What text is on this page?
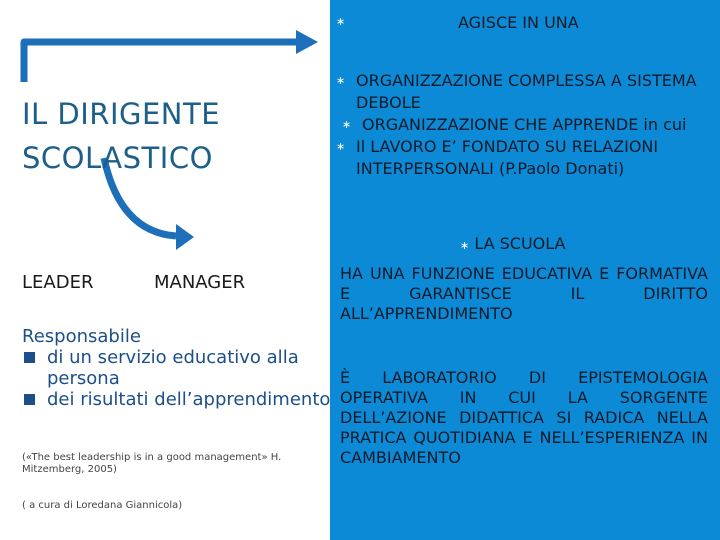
IL DIRIGENTE
SCOLASTICO
LEADER	MANAGER
Responsabile
di un servizio educativo alla persona
dei risultati dell’apprendimento
(«The best leadership is in a good management» H. Mitzemberg, 2005)
( a cura di Loredana Giannicola)
∗	AGISCE IN UNA
∗ ORGANIZZAZIONE COMPLESSA A SISTEMA DEBOLE
∗ ORGANIZZAZIONE CHE APPRENDE in cui
∗ Il LAVORO E’ FONDATO SU RELAZIONI INTERPERSONALI (P.Paolo Donati)
∗ LA SCUOLA
HA UNA FUNZIONE EDUCATIVA E FORMATIVA E GARANTISCE IL DIRITTO ALL’APPRENDIMENTO
È LABORATORIO DI EPISTEMOLOGIA OPERATIVA IN CUI LA SORGENTE DELL’AZIONE DIDATTICA SI RADICA NELLA PRATICA QUOTIDIANA E NELL’ESPERIENZA IN CAMBIAMENTO
